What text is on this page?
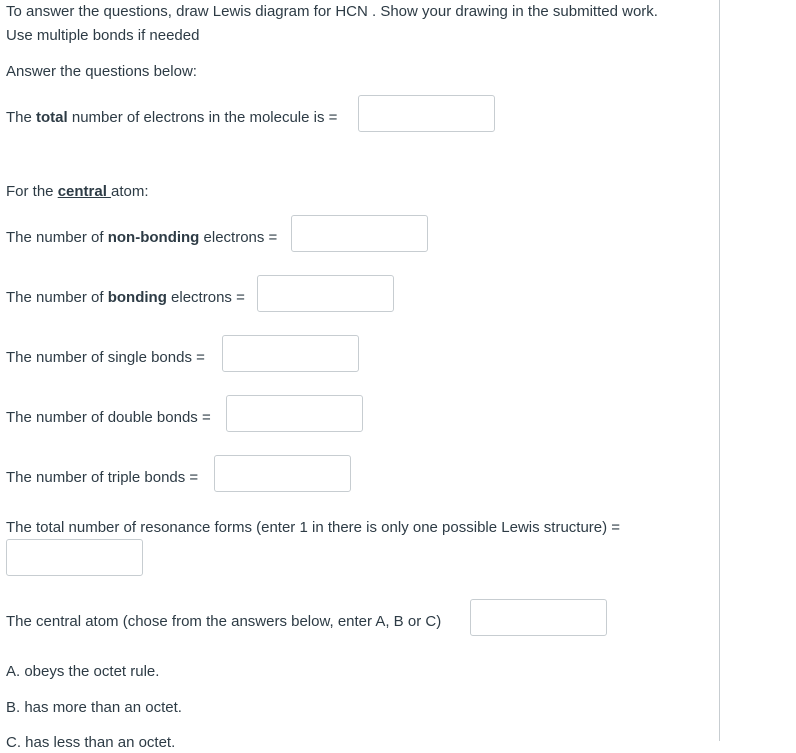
To answer the questions, draw Lewis diagram for HCN . Show your drawing in the submitted work.
Use multiple bonds if needed
Answer the questions below:
The total number of electrons in the molecule is =
For the central atom:
The number of non-bonding electrons =
The number of bonding electrons =
The number of single bonds =
The number of double bonds =
The number of triple bonds =
The total number of resonance forms (enter 1 in there is only one possible Lewis structure) =
The central atom (chose from the answers below, enter A, B or C)
A. obeys the octet rule.
B. has more than an octet.
C. has less than an octet.
